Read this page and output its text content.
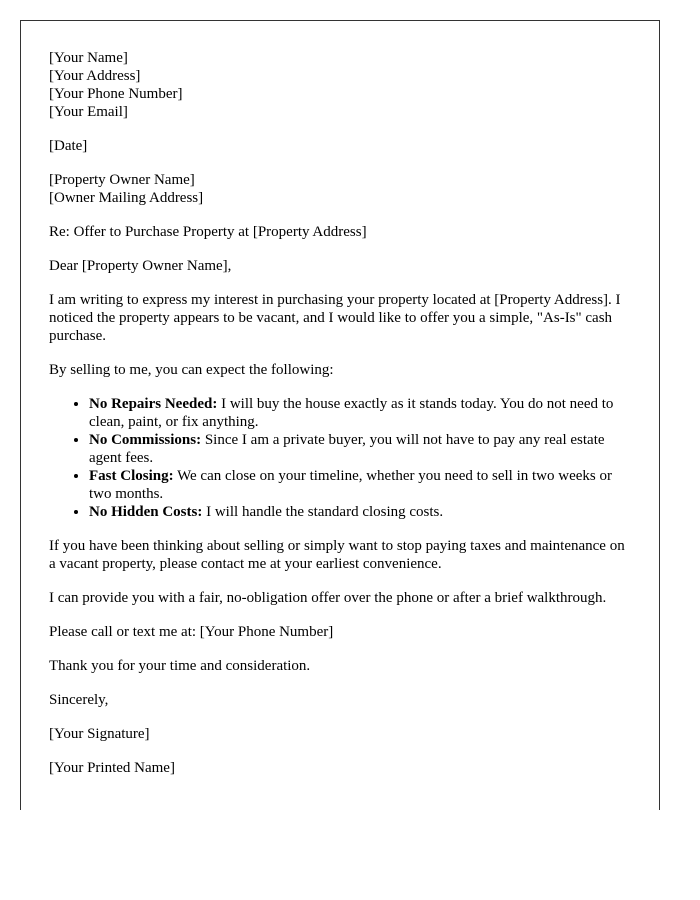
[Your Name]
[Your Address]
[Your Phone Number]
[Your Email]

[Date]

[Property Owner Name]
[Owner Mailing Address]

Re: Offer to Purchase Property at [Property Address]

Dear [Property Owner Name],

I am writing to express my interest in purchasing your property located at [Property Address]. I noticed the property appears to be vacant, and I would like to offer you a simple, "As-Is" cash purchase.

By selling to me, you can expect the following:

• No Repairs Needed: I will buy the house exactly as it stands today. You do not need to clean, paint, or fix anything.
• No Commissions: Since I am a private buyer, you will not have to pay any real estate agent fees.
• Fast Closing: We can close on your timeline, whether you need to sell in two weeks or two months.
• No Hidden Costs: I will handle the standard closing costs.

If you have been thinking about selling or simply want to stop paying taxes and maintenance on a vacant property, please contact me at your earliest convenience.

I can provide you with a fair, no-obligation offer over the phone or after a brief walkthrough.

Please call or text me at: [Your Phone Number]

Thank you for your time and consideration.

Sincerely,

[Your Signature]

[Your Printed Name]
